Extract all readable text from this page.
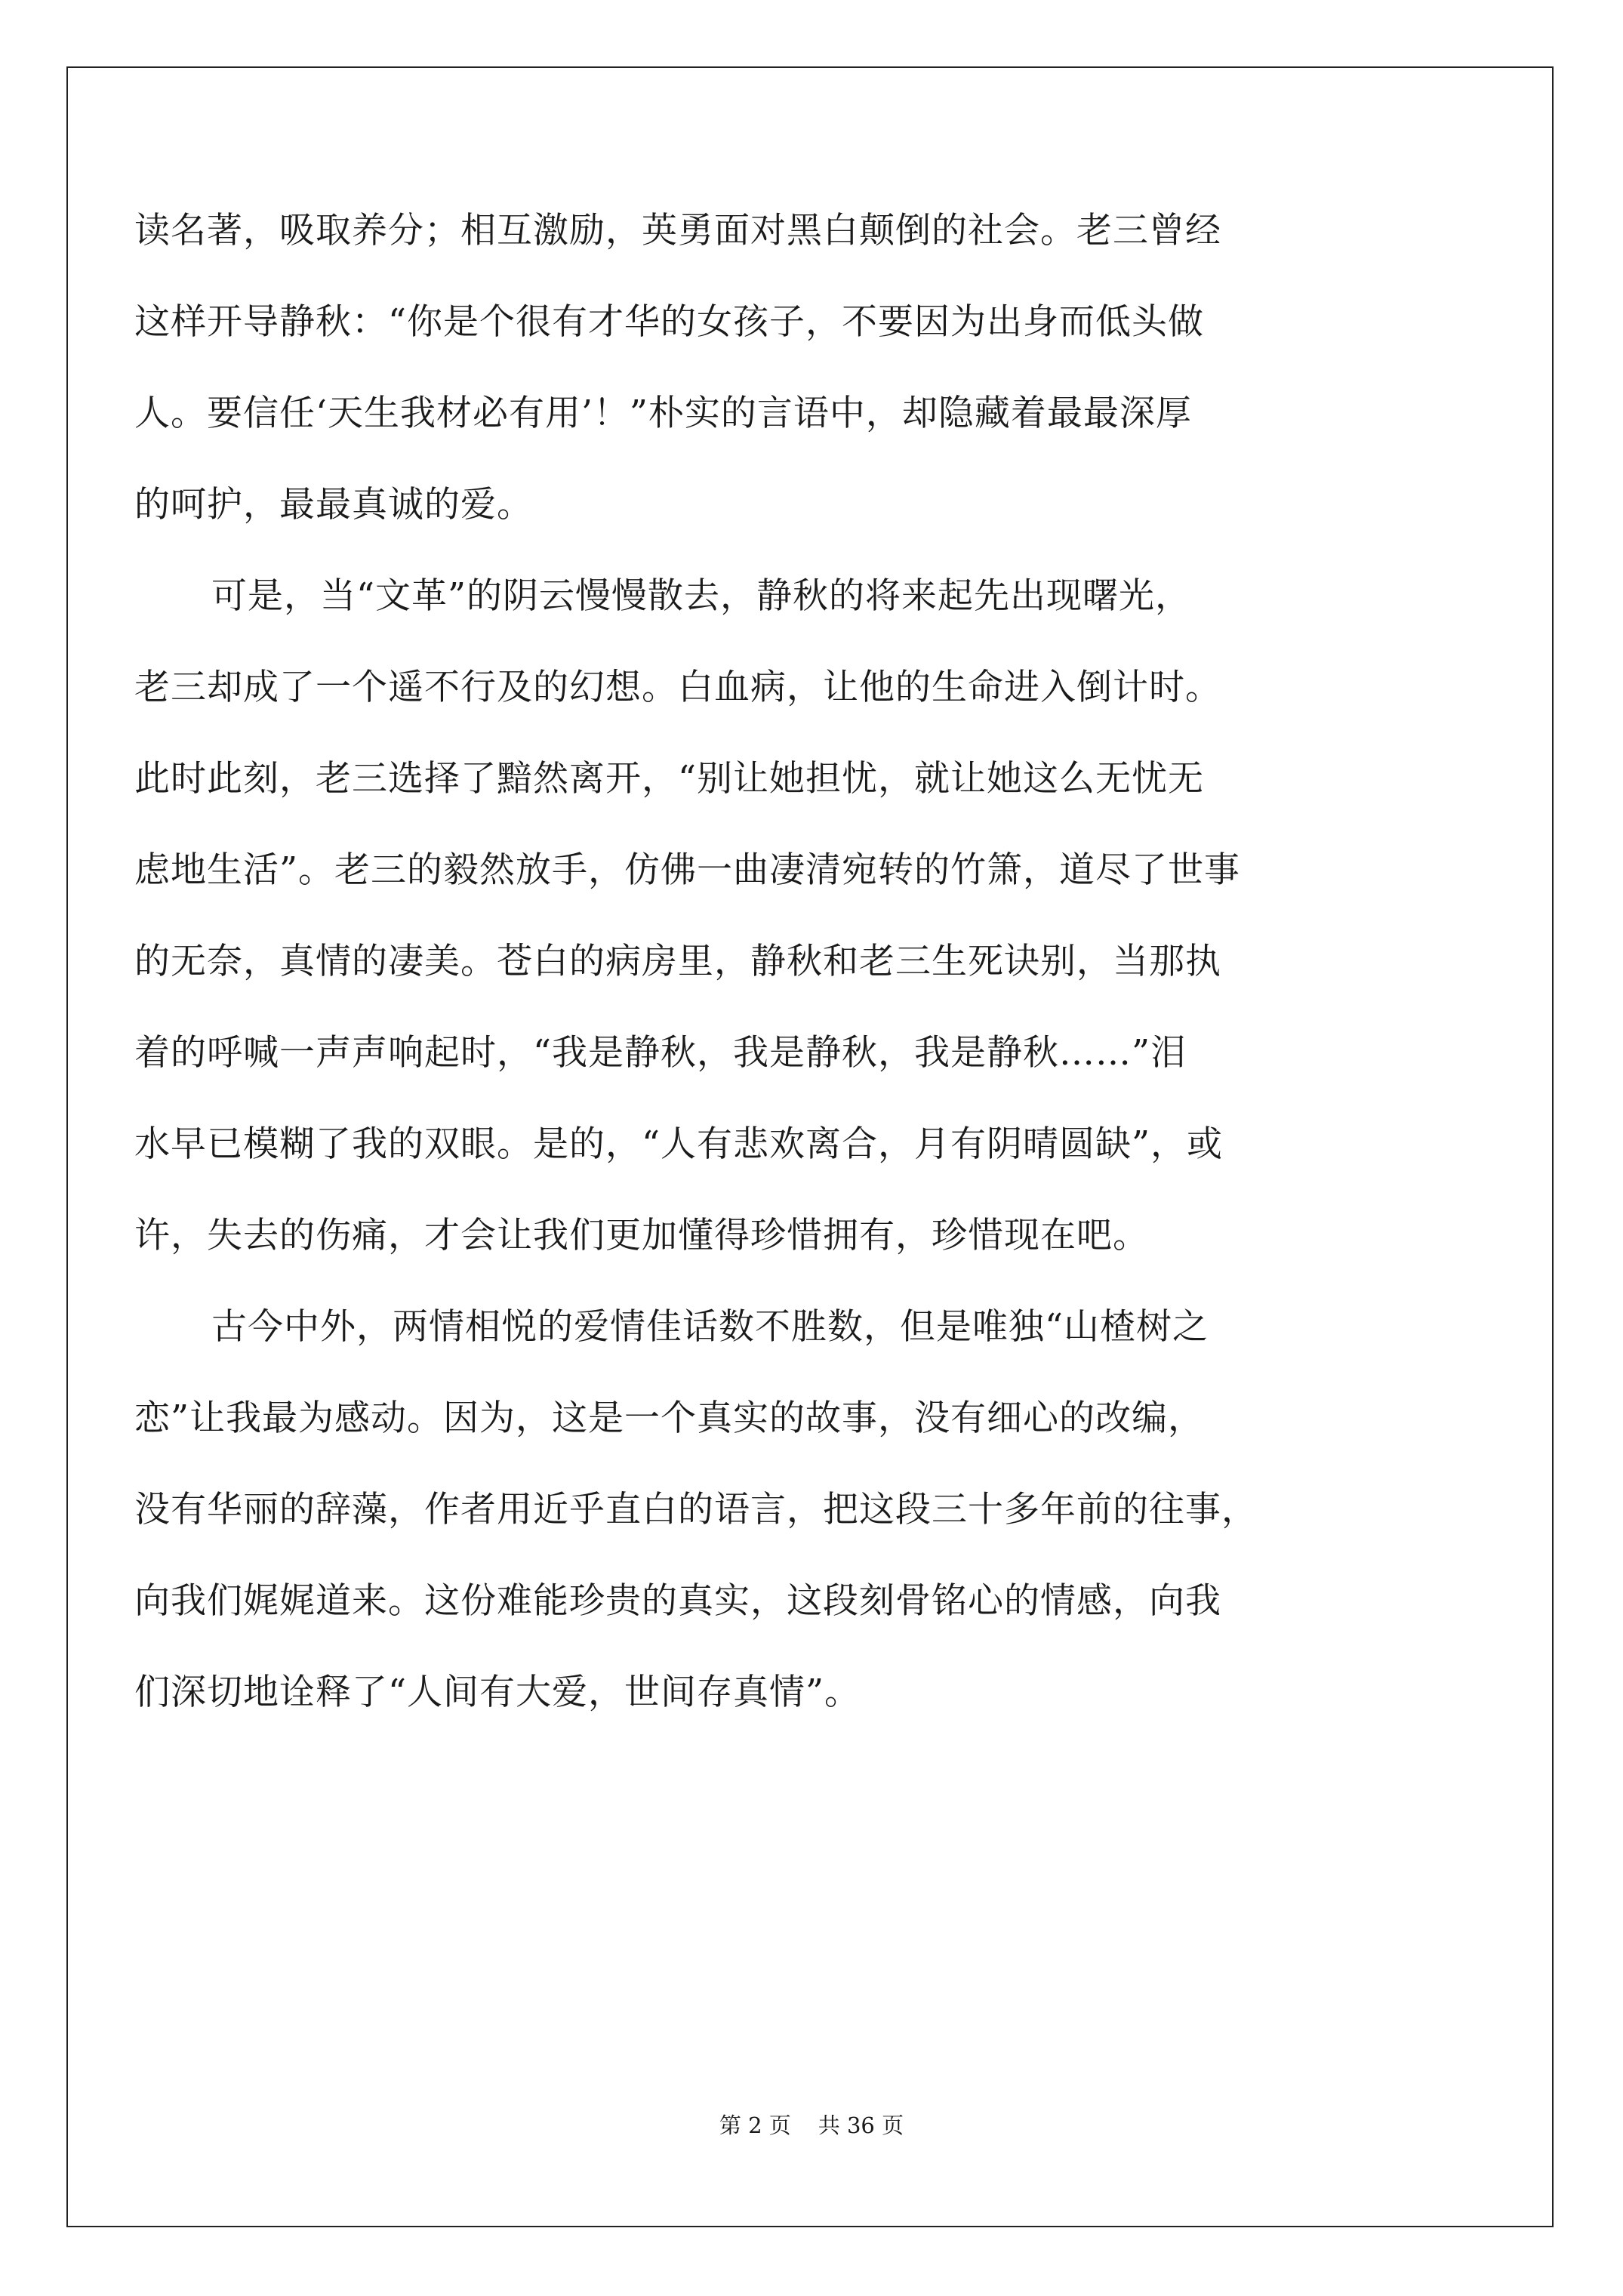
读名著，吸取养分；相互激励，英勇面对黑白颠倒的社会。老三曾经
这样开导静秋：“你是个很有才华的女孩子，不要因为出身而低头做
人。要信任‘天生我材必有用’！”朴实的言语中，却隐藏着最最深厚
的呵护，最最真诚的爱。
可是，当“文革”的阴云慢慢散去，静秋的将来起先出现曙光，
老三却成了一个遥不行及的幻想。白血病，让他的生命进入倒计时。
此时此刻，老三选择了黯然离开，“别让她担忧，就让她这么无忧无
虑地生活”。老三的毅然放手，仿佛一曲凄清宛转的竹箫，道尽了世事
的无奈，真情的凄美。苍白的病房里，静秋和老三生死诀别，当那执
着的呼喊一声声响起时，“我是静秋，我是静秋，我是静秋……”泪
水早已模糊了我的双眼。是的，“人有悲欢离合，月有阴晴圆缺”，或
许，失去的伤痛，才会让我们更加懂得珍惜拥有，珍惜现在吧。
古今中外，两情相悦的爱情佳话数不胜数，但是唯独“山楂树之
恋”让我最为感动。因为，这是一个真实的故事，没有细心的改编，
没有华丽的辞藻，作者用近乎直白的语言，把这段三十多年前的往事，
向我们娓娓道来。这份难能珍贵的真实，这段刻骨铭心的情感，向我
们深切地诠释了“人间有大爱，世间存真情”。
第 2 页 共 36 页
